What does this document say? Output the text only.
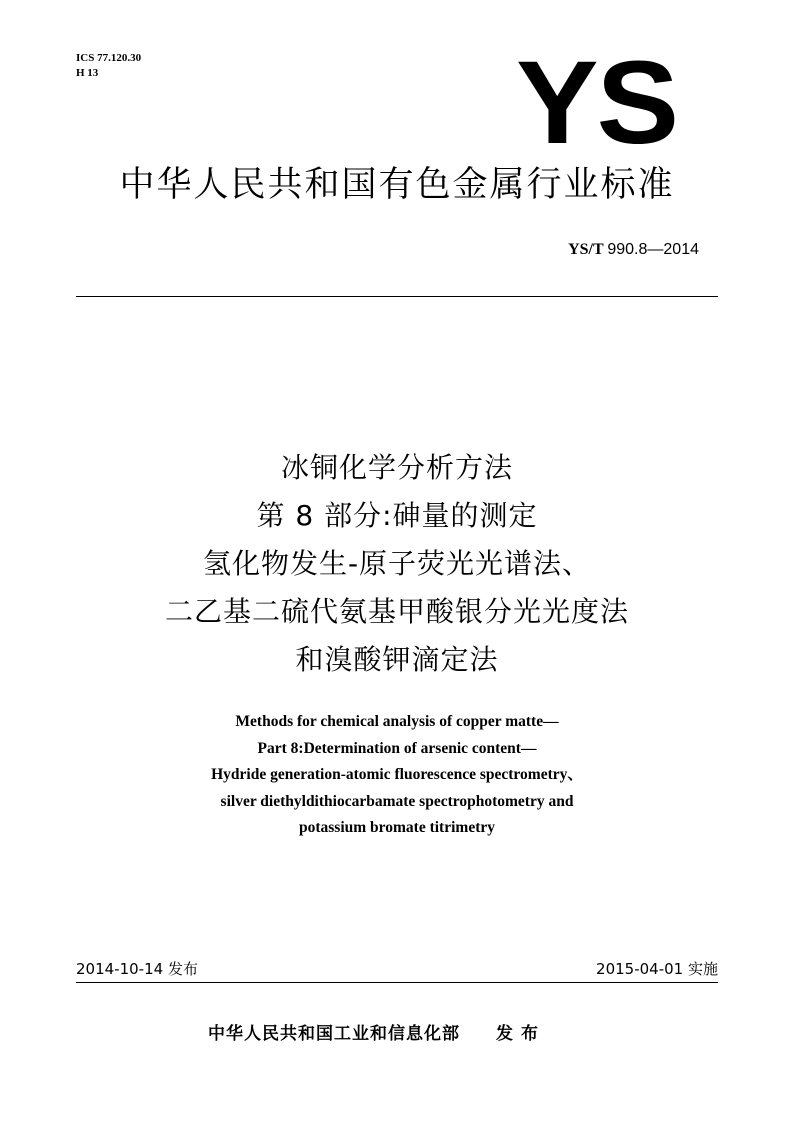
ICS 77.120.30
H 13	YS
中华人民共和国有色金属行业标准
YS/T 990.8—2014
冰铜化学分析方法
第 8 部分:砷量的测定
氢化物发生-原子荧光光谱法、
二乙基二硫代氨基甲酸银分光光度法
和溴酸钾滴定法
Methods for chemical analysis of copper matte—
Part 8:Determination of arsenic content—
Hydride generation-atomic fluorescence spectrometry、
silver diethyldithiocarbamate spectrophotometry and
potassium bromate titrimetry
2014-10-14 发布	2015-04-01 实施
中华人民共和国工业和信息化部 发布
